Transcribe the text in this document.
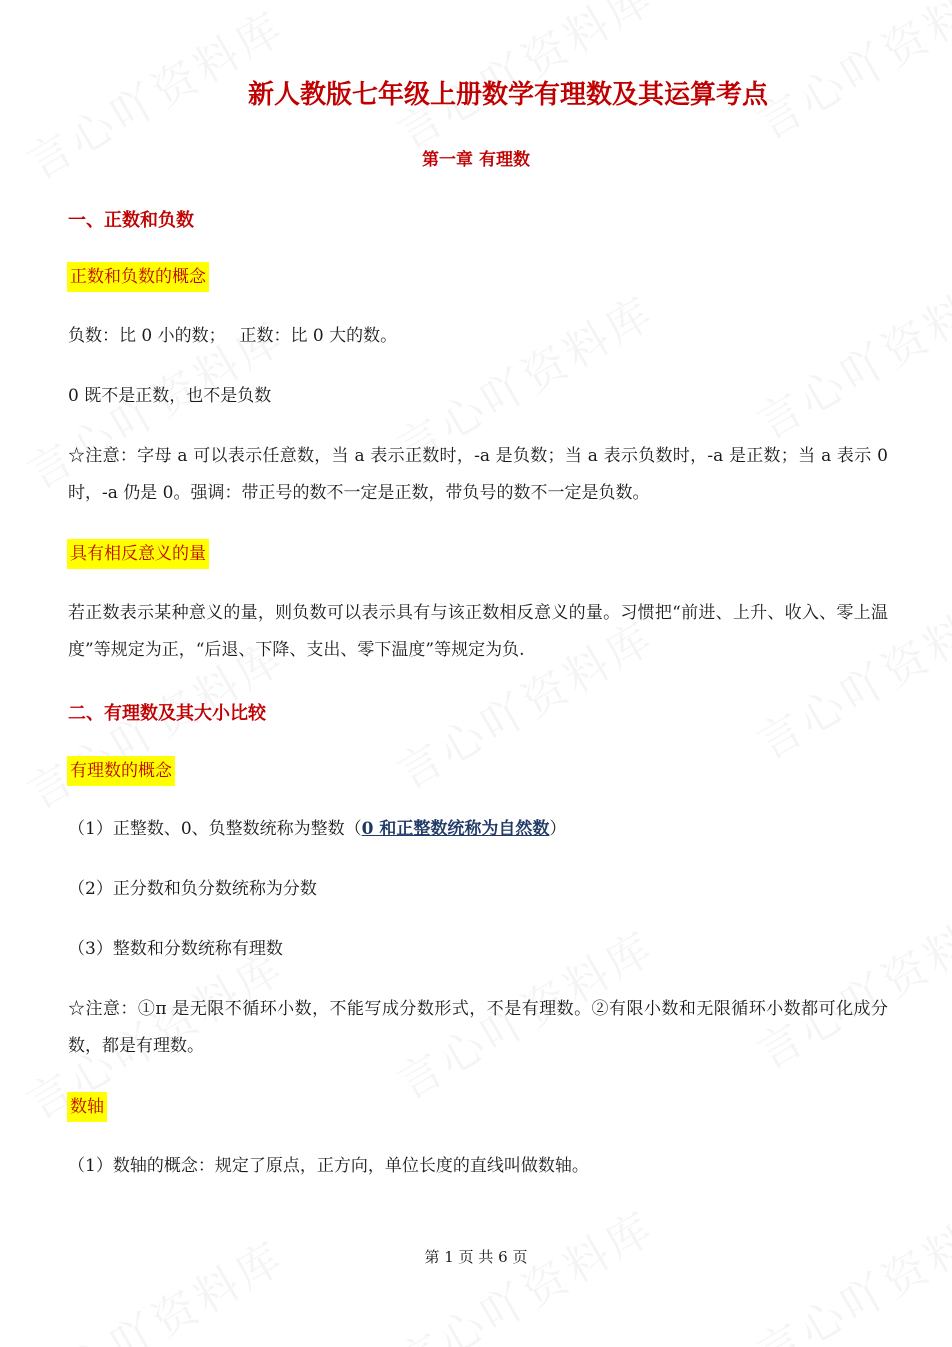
新人教版七年级上册数学有理数及其运算考点
第一章 有理数
一、正数和负数
正数和负数的概念
负数：比 0 小的数；　 正数：比 0 大的数。
0 既不是正数，也不是负数
☆注意：字母 a 可以表示任意数，当 a 表示正数时，-a 是负数；当 a 表示负数时，-a 是正数；当 a 表示 0 时，-a 仍是 0。强调：带正号的数不一定是正数，带负号的数不一定是负数。
具有相反意义的量
若正数表示某种意义的量，则负数可以表示具有与该正数相反意义的量。习惯把“前进、上升、收入、零上温度”等规定为正，“后退、下降、支出、零下温度”等规定为负.
二、有理数及其大小比较
有理数的概念
（1）正整数、0、负整数统称为整数（0 和正整数统称为自然数）
（2）正分数和负分数统称为分数
（3）整数和分数统称有理数
☆注意：①π 是无限不循环小数，不能写成分数形式，不是有理数。②有限小数和无限循环小数都可化成分数，都是有理数。
数轴
（1）数轴的概念：规定了原点，正方向，单位长度的直线叫做数轴。
第 1 页 共 6 页
